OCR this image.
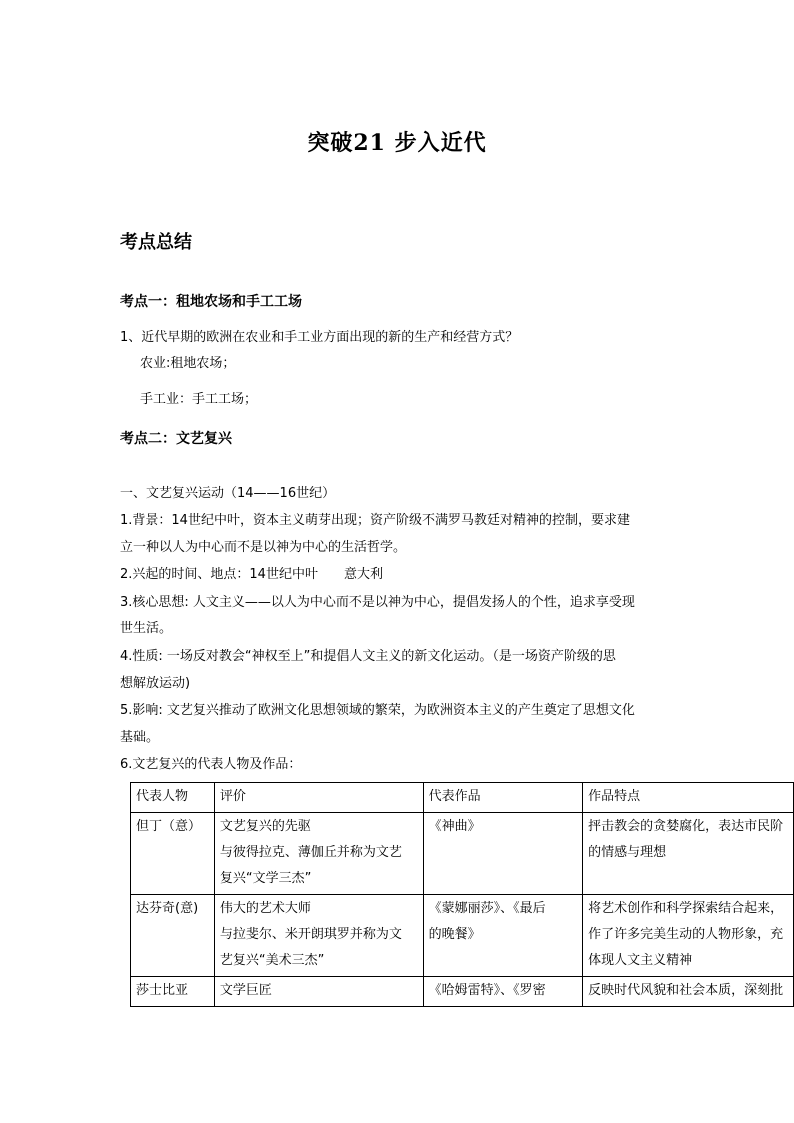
突破21 步入近代
考点总结
考点一：租地农场和手工工场
1、近代早期的欧洲在农业和手工业方面出现的新的生产和经营方式？
农业:租地农场；
手工业：手工工场；
考点二：文艺复兴
一、文艺复兴运动（14——16世纪）
1.背景：14世纪中叶，资本主义萌芽出现；资产阶级不满罗马教廷对精神的控制，要求建
立一种以人为中心而不是以神为中心的生活哲学。
2.兴起的时间、地点：14世纪中叶　　意大利
3.核心思想: 人文主义——以人为中心而不是以神为中心，提倡发扬人的个性，追求享受现
世生活。
4.性质: 一场反对教会“神权至上”和提倡人文主义的新文化运动。（是一场资产阶级的思
想解放运动)
5.影响: 文艺复兴推动了欧洲文化思想领域的繁荣，为欧洲资本主义的产生奠定了思想文化
基础。
6.文艺复兴的代表人物及作品：
代表人物	评价	代表作品	作品特点
但丁（意）	文艺复兴的先驱
与彼得拉克、薄伽丘并称为文艺
复兴“文学三杰”	《神曲》	抨击教会的贪婪腐化，表达市民阶
的情感与理想

达芬奇(意)	伟大的艺术大师
与拉斐尔、米开朗琪罗并称为文
艺复兴“美术三杰”	《蒙娜丽莎》、《最后
的晚餐》	将艺术创作和科学探索结合起来，
作了许多完美生动的人物形象，充
体现人文主义精神

莎士比亚	文学巨匠	《哈姆雷特》、《罗密	反映时代风貌和社会本质，深刻批
